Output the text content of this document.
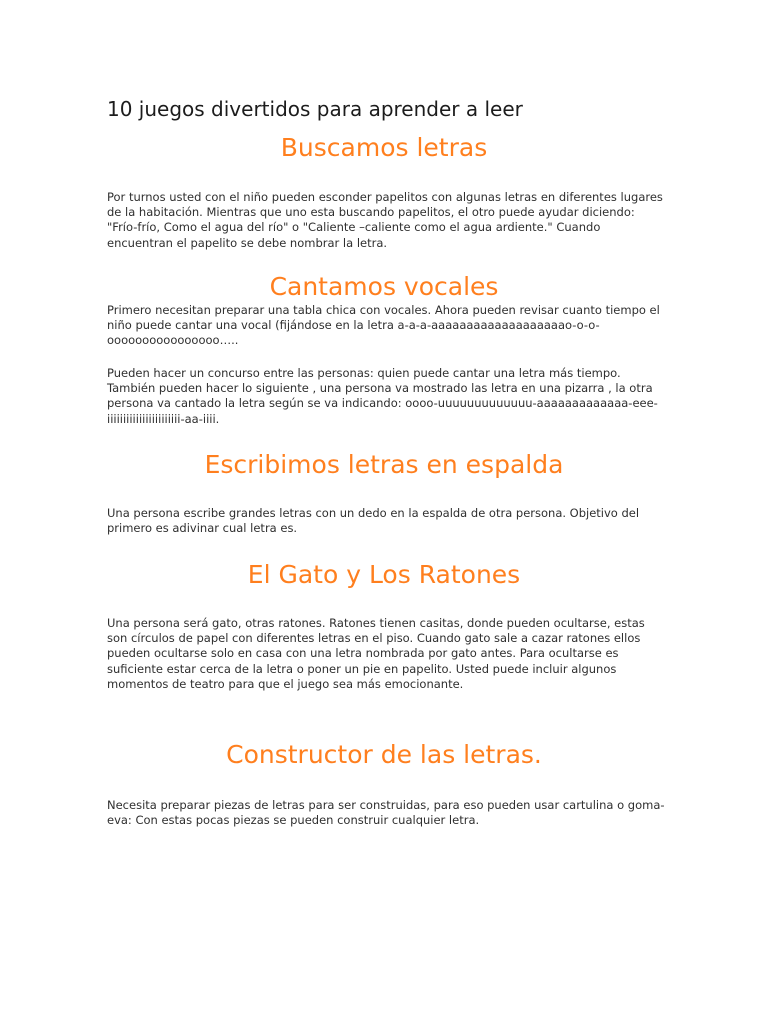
10 juegos divertidos para aprender a leer
Buscamos letras

Por turnos usted con el niño pueden esconder papelitos con algunas letras en diferentes lugares de la habitación. Mientras que uno esta buscando papelitos, el otro puede ayudar diciendo: "Frío-frío, Como el agua del río" o "Caliente –caliente como el agua ardiente." Cuando encuentran el papelito se debe nombrar la letra.

Cantamos vocales

Primero necesitan preparar una tabla chica con vocales. Ahora pueden revisar cuanto tiempo el niño puede cantar una vocal (fijándose en la letra a-a-a-aaaaaaaaaaaaaaaaaaao-o-o-oooooooooooooooo…..

Pueden hacer un concurso entre las personas: quien puede cantar una letra más tiempo. También pueden hacer lo siguiente , una persona va mostrado las letra en una pizarra , la otra persona va cantado la letra según se va indicando: oooo-uuuuuuuuuuuuu-aaaaaaaaaaaaa-eee-iiiiiiiiiiiiiiiiiiiiiii-aa-iiii.

Escribimos letras en espalda

Una persona escribe grandes letras con un dedo en la espalda de otra persona. Objetivo del primero es adivinar cual letra es.

El Gato y Los Ratones

Una persona será gato, otras ratones. Ratones tienen casitas, donde pueden ocultarse, estas son círculos de papel con diferentes letras en el piso. Cuando gato sale a cazar ratones ellos pueden ocultarse solo en casa con una letra nombrada por gato antes. Para ocultarse es suficiente estar cerca de la letra o poner un pie en papelito. Usted puede incluir algunos momentos de teatro para que el juego sea más emocionante.

Constructor de las letras.

Necesita preparar piezas de letras para ser construidas, para eso pueden usar cartulina o goma-eva: Con estas pocas piezas se pueden construir cualquier letra.
